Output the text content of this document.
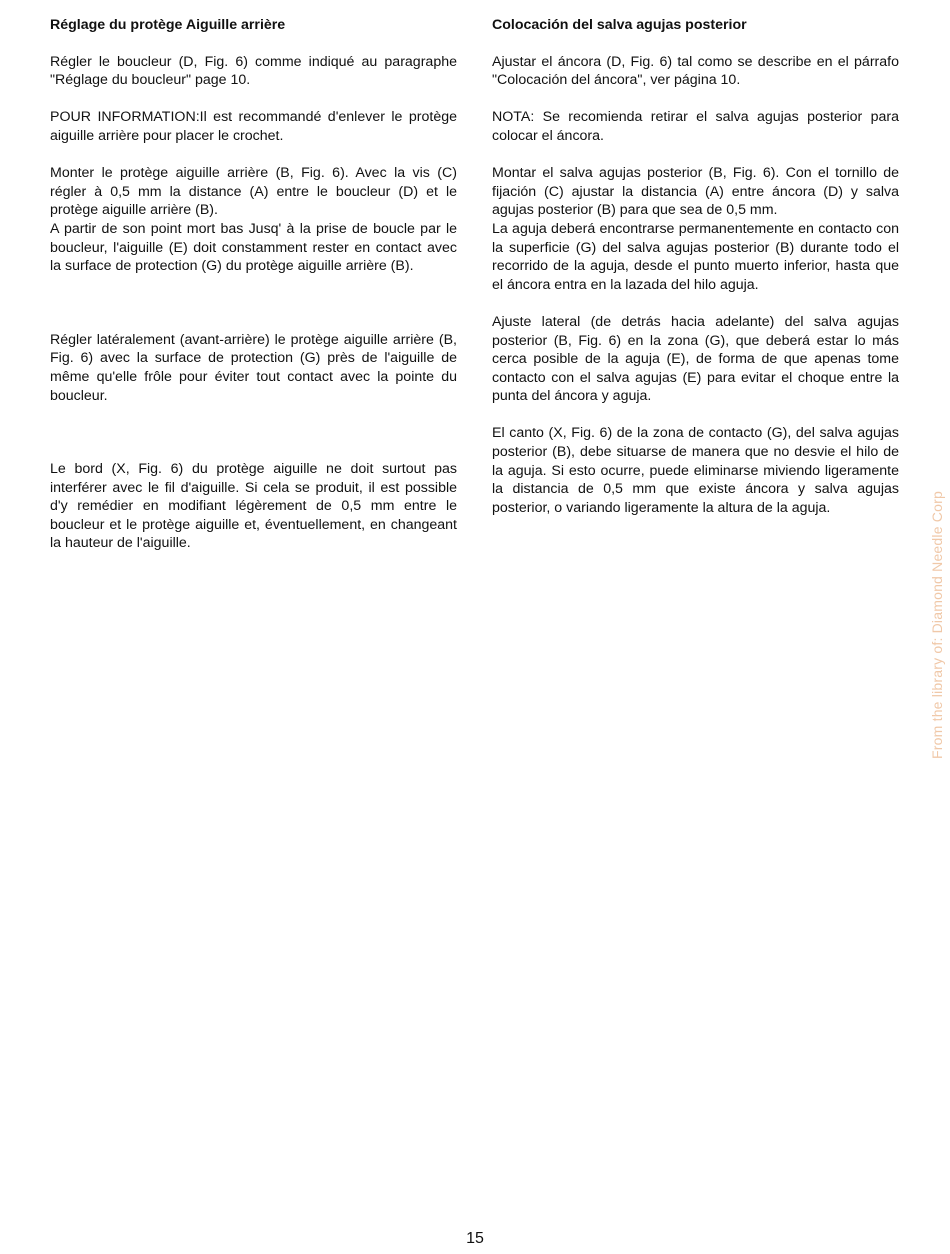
Réglage du protège Aiguille arrière

Régler le boucleur (D, Fig. 6) comme indiqué au paragraphe "Réglage du boucleur" page 10.

POUR INFORMATION:Il est recommandé d'enlever le protège aiguille arrière pour placer le crochet.

Monter le protège aiguille arrière (B, Fig. 6). Avec la vis (C) régler à 0,5 mm la distance (A) entre le boucleur (D) et le protège aiguille arrière (B).
A partir de son point mort bas Jusq' à la prise de boucle par le boucleur, l'aiguille (E) doit constamment rester en contact avec la surface de protection (G) du protège aiguille arrière (B).

Régler latéralement (avant-arrière) le protège aiguille arrière (B, Fig. 6) avec la surface de protection (G) près de l'aiguille de même qu'elle frôle pour éviter tout contact avec la pointe du boucleur.

Le bord (X, Fig. 6) du protège aiguille ne doit surtout pas interférer avec le fil d'aiguille. Si cela se produit, il est possible d'y remédier en modifiant légèrement de 0,5 mm entre le boucleur et le protège aiguille et, éventuellement, en changeant la hauteur de l'aiguille.

Colocación del salva agujas posterior

Ajustar el áncora (D, Fig. 6) tal como se describe en el párrafo "Colocación del áncora", ver página 10.

NOTA: Se recomienda retirar el salva agujas posterior para colocar el áncora.

Montar el salva agujas posterior (B, Fig. 6). Con el tornillo de fijación (C) ajustar la distancia (A) entre áncora (D) y salva agujas posterior (B) para que sea de 0,5 mm.
La aguja deberá encontrarse permanentemente en contacto con la superficie (G) del salva agujas posterior (B) durante todo el recorrido de la aguja, desde el punto muerto inferior, hasta que el áncora entra en la lazada del hilo aguja.

Ajuste lateral (de detrás hacia adelante) del salva agujas posterior (B, Fig. 6) en la zona (G), que deberá estar lo más cerca posible de la aguja (E), de forma de que apenas tome contacto con el salva agujas (E) para evitar el choque entre la punta del áncora y aguja.

El canto (X, Fig. 6) de la zona de contacto (G), del salva agujas posterior (B), debe situarse de manera que no desvie el hilo de la aguja. Si esto ocurre, puede eliminarse miviendo ligeramente la distancia de 0,5 mm que existe áncora y salva agujas posterior, o variando ligeramente la altura de la aguja.

15
From the library of: Diamond Needle Corp
